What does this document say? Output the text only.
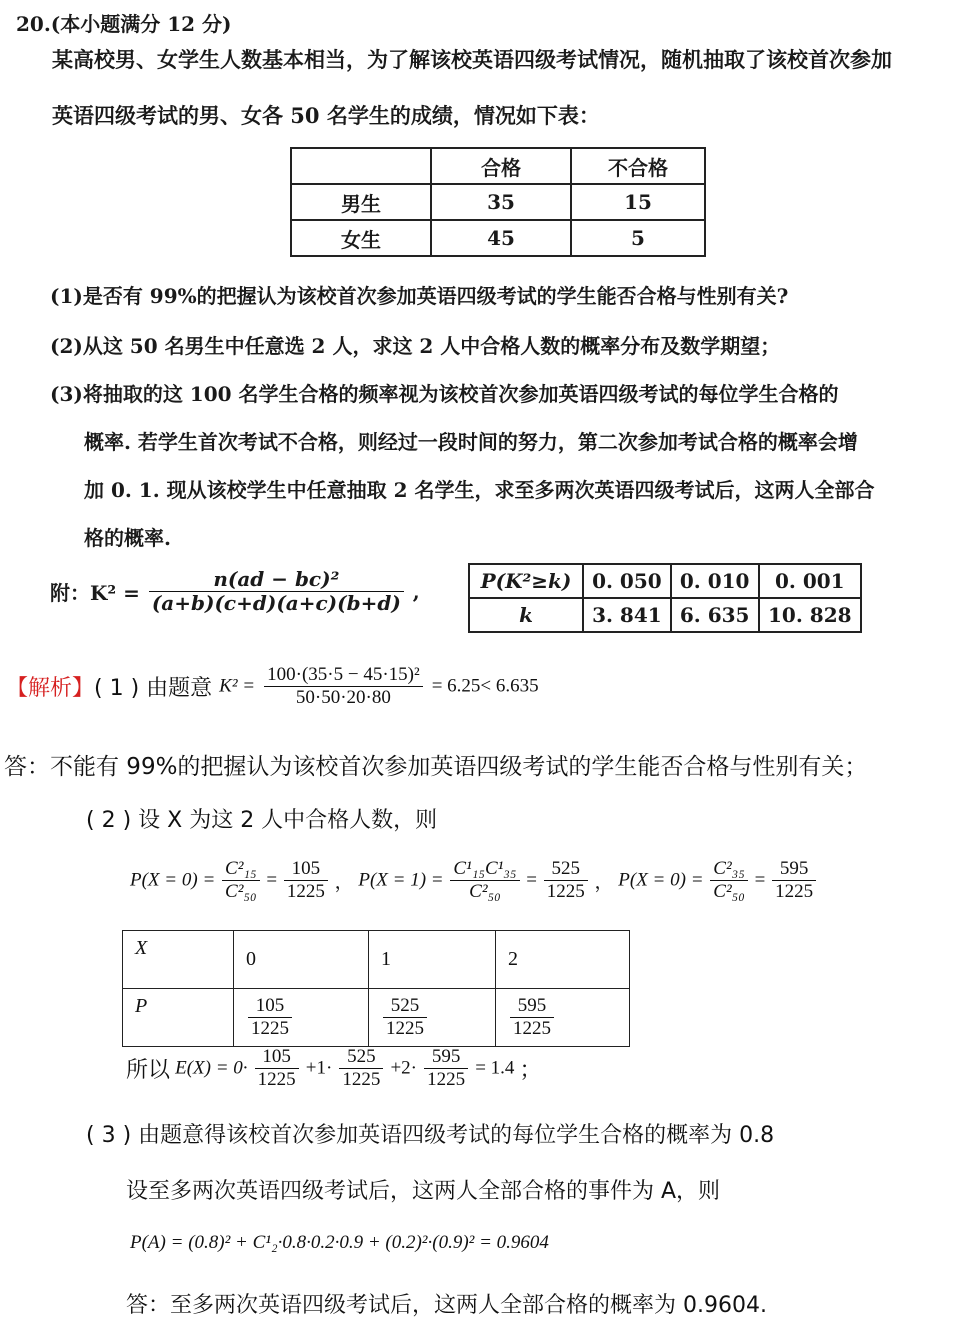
20.(本小题满分 12 分)
某高校男、女学生人数基本相当，为了解该校英语四级考试情况，随机抽取了该校首次参加
英语四级考试的男、女各 50 名学生的成绩，情况如下表：
	合格	不合格
男生	35	15
女生	45	5
(1)是否有 99%的把握认为该校首次参加英语四级考试的学生能否合格与性别有关?
(2)从这 50 名男生中任意选 2 人，求这 2 人中合格人数的概率分布及数学期望；
(3)将抽取的这 100 名学生合格的频率视为该校首次参加英语四级考试的每位学生合格的
概率. 若学生首次考试不合格，则经过一段时间的努力，第二次参加考试合格的概率会增
加 0. 1. 现从该校学生中任意抽取 2 名学生，求至多两次英语四级考试后，这两人全部合
格的概率.
附：$K^2 = \frac{\text{n(ad − bc)²}}{(a+b)(c+d)(a+c)(b+d)}$ ,	P(K²≥k)	0. 050	0. 010	0. 001
k	3. 841	6. 635	10. 828
【解析】( 1 ) 由题意 $K^2 = \frac{\text{100·(35·5 − 45·15)²}}{50\cdot 50\cdot 20\cdot 80} = 6.25< 6.635$
答：不能有 99%的把握认为该校首次参加英语四级考试的学生能否合格与性别有关；
( 2 ) 设 X 为这 2 人中合格人数，则
$P(X = 0) = \frac{\text{C²₁₅}}{\text{C²₅₀}} = \frac{105}{1225}$ ， $P(X = 1) = \frac{\text{C¹₁₅C¹₃₅}}{\text{C²₅₀}} = \frac{525}{1225}$ ， $P(X = 0) = \frac{\text{C²₃₅}}{\text{C²₅₀}} = \frac{595}{1225}$
X	0	1	2
P	$\frac{105}{1225}$	$\frac{525}{1225}$	$\frac{595}{1225}$
所以 $E(X) = 0\cdot \frac{105}{1225} +1\cdot \frac{525}{1225} +2\cdot \frac{595}{1225} = 1.4$ ；
( 3 ) 由题意得该校首次参加英语四级考试的每位学生合格的概率为 0.8
设至多两次英语四级考试后，这两人全部合格的事件为 A，则
P(A) = (0.8)² + C¹₂·0.8·0.2·0.9 + (0.2)²·(0.9)² = 0.9604
答：至多两次英语四级考试后，这两人全部合格的概率为 0.9604.
